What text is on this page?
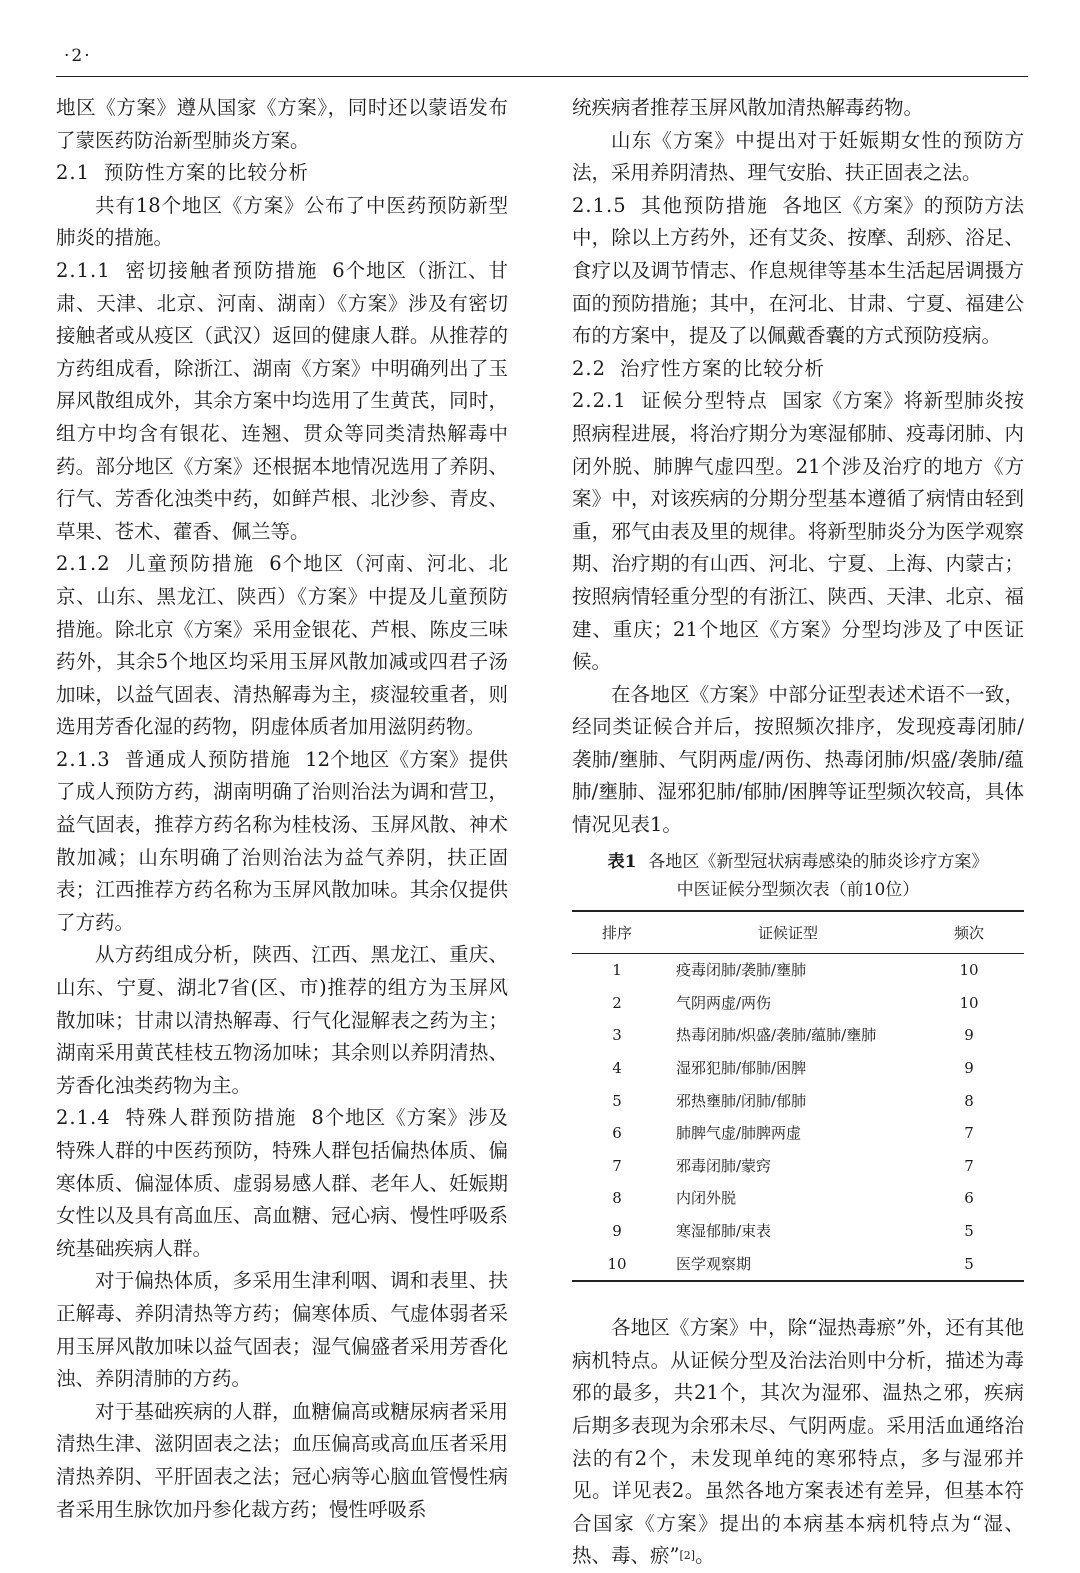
·2·

地区《方案》遵从国家《方案》，同时还以蒙语发布了蒙医药防治新型肺炎方案。

2.1 预防性方案的比较分析

共有18个地区《方案》公布了中医药预防新型肺炎的措施。

2.1.1 密切接触者预防措施 6个地区（浙江、甘肃、天津、北京、河南、湖南）《方案》涉及有密切接触者或从疫区（武汉）返回的健康人群。从推荐的方药组成看，除浙江、湖南《方案》中明确列出了玉屏风散组成外，其余方案中均选用了生黄芪，同时，组方中均含有银花、连翘、贯众等同类清热解毒中药。部分地区《方案》还根据本地情况选用了养阴、行气、芳香化浊类中药，如鲜芦根、北沙参、青皮、草果、苍术、藿香、佩兰等。

2.1.2 儿童预防措施 6个地区（河南、河北、北京、山东、黑龙江、陕西）《方案》中提及儿童预防措施。除北京《方案》采用金银花、芦根、陈皮三味药外，其余5个地区均采用玉屏风散加减或四君子汤加味，以益气固表、清热解毒为主，痰湿较重者，则选用芳香化湿的药物，阴虚体质者加用滋阴药物。

2.1.3 普通成人预防措施 12个地区《方案》提供了成人预防方药，湖南明确了治则治法为调和营卫，益气固表，推荐方药名称为桂枝汤、玉屏风散、神术散加减；山东明确了治则治法为益气养阴，扶正固表；江西推荐方药名称为玉屏风散加味。其余仅提供了方药。

从方药组成分析，陕西、江西、黑龙江、重庆、山东、宁夏、湖北7省(区、市)推荐的组方为玉屏风散加味；甘肃以清热解毒、行气化湿解表之药为主；湖南采用黄芪桂枝五物汤加味；其余则以养阴清热、芳香化浊类药物为主。

2.1.4 特殊人群预防措施 8个地区《方案》涉及特殊人群的中医药预防，特殊人群包括偏热体质、偏寒体质、偏湿体质、虚弱易感人群、老年人、妊娠期女性以及具有高血压、高血糖、冠心病、慢性呼吸系统基础疾病人群。

对于偏热体质，多采用生津利咽、调和表里、扶正解毒、养阴清热等方药；偏寒体质、气虚体弱者采用玉屏风散加味以益气固表；湿气偏盛者采用芳香化浊、养阴清肺的方药。

对于基础疾病的人群，血糖偏高或糖尿病者采用清热生津、滋阴固表之法；血压偏高或高血压者采用清热养阴、平肝固表之法；冠心病等心脑血管慢性病者采用生脉饮加丹参化裁方药；慢性呼吸系

统疾病者推荐玉屏风散加清热解毒药物。

山东《方案》中提出对于妊娠期女性的预防方法，采用养阴清热、理气安胎、扶正固表之法。

2.1.5 其他预防措施 各地区《方案》的预防方法中，除以上方药外，还有艾灸、按摩、刮痧、浴足、食疗以及调节情志、作息规律等基本生活起居调摄方面的预防措施；其中，在河北、甘肃、宁夏、福建公布的方案中，提及了以佩戴香囊的方式预防疫病。

2.2 治疗性方案的比较分析

2.2.1 证候分型特点 国家《方案》将新型肺炎按照病程进展，将治疗期分为寒湿郁肺、疫毒闭肺、内闭外脱、肺脾气虚四型。21个涉及治疗的地方《方案》中，对该疾病的分期分型基本遵循了病情由轻到重，邪气由表及里的规律。将新型肺炎分为医学观察期、治疗期的有山西、河北、宁夏、上海、内蒙古；按照病情轻重分型的有浙江、陕西、天津、北京、福建、重庆；21个地区《方案》分型均涉及了中医证候。

在各地区《方案》中部分证型表述术语不一致，经同类证候合并后，按照频次排序，发现疫毒闭肺/袭肺/壅肺、气阴两虚/两伤、热毒闭肺/炽盛/袭肺/蕴肺/壅肺、湿邪犯肺/郁肺/困脾等证型频次较高，具体情况见表1。

表1 各地区《新型冠状病毒感染的肺炎诊疗方案》
中医证候分型频次表（前10位）
排序	证候证型	频次
1	疫毒闭肺/袭肺/壅肺	10
2	气阴两虚/两伤	10
3	热毒闭肺/炽盛/袭肺/蕴肺/壅肺	9
4	湿邪犯肺/郁肺/困脾	9
5	邪热壅肺/闭肺/郁肺	8
6	肺脾气虚/肺脾两虚	7
7	邪毒闭肺/蒙窍	7
8	内闭外脱	6
9	寒湿郁肺/束表	5
10	医学观察期	5

各地区《方案》中，除“湿热毒瘀”外，还有其他病机特点。从证候分型及治法治则中分析，描述为毒邪的最多，共21个，其次为湿邪、温热之邪，疾病后期多表现为余邪未尽、气阴两虚。采用活血通络治法的有2个，未发现单纯的寒邪特点，多与湿邪并见。详见表2。虽然各地方案表述有差异，但基本符合国家《方案》提出的本病基本病机特点为“湿、热、毒、瘀”[2]。
